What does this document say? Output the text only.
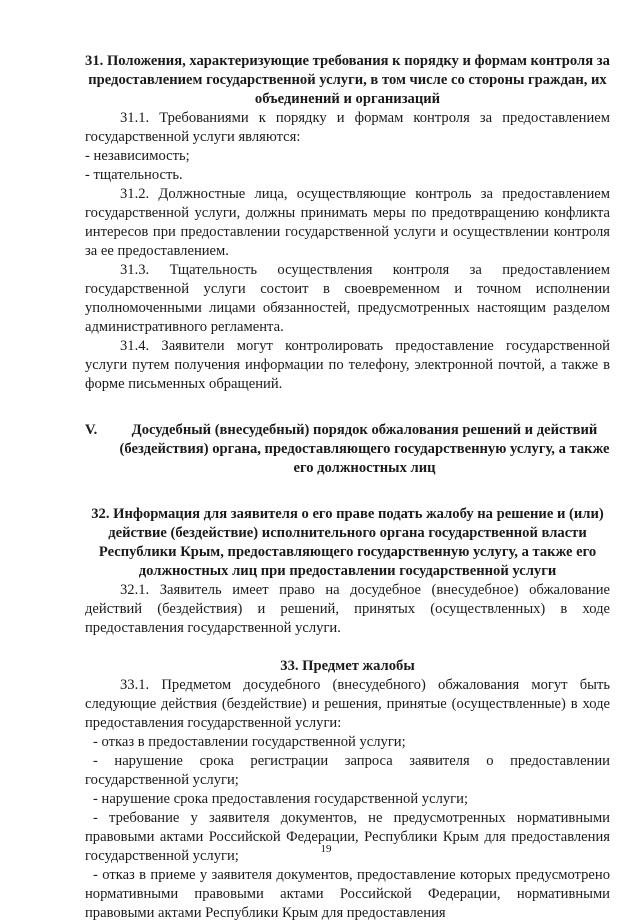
31. Положения, характеризующие требования к порядку и формам контроля за предоставлением государственной услуги, в том числе со стороны граждан, их объединений и организаций

31.1. Требованиями к порядку и формам контроля за предоставлением государственной услуги являются:

- независимость;

- тщательность.

31.2. Должностные лица, осуществляющие контроль за предоставлением государственной услуги, должны принимать меры по предотвращению конфликта интересов при предоставлении государственной услуги и осуществлении контроля за ее предоставлением.

31.3. Тщательность осуществления контроля за предоставлением государственной услуги состоит в своевременном и точном исполнении уполномоченными лицами обязанностей, предусмотренных настоящим разделом административного регламента.

31.4. Заявители могут контролировать предоставление государственной услуги путем получения информации по телефону, электронной почтой, а также в форме письменных обращений.

V.	Досудебный (внесудебный) порядок обжалования решений и действий (бездействия) органа, предоставляющего государственную услугу, а также его должностных лиц

32. Информация для заявителя о его праве подать жалобу на решение и (или) действие (бездействие) исполнительного органа государственной власти Республики Крым, предоставляющего государственную услугу, а также его должностных лиц при предоставлении государственной услуги

32.1. Заявитель имеет право на досудебное (внесудебное) обжалование действий (бездействия) и решений, принятых (осуществленных) в ходе предоставления государственной услуги.

33. Предмет жалобы

33.1. Предметом досудебного (внесудебного) обжалования могут быть следующие действия (бездействие) и решения, принятые (осуществленные) в ходе предоставления государственной услуги:

- отказ в предоставлении государственной услуги;

- нарушение срока регистрации запроса заявителя о предоставлении государственной услуги;

- нарушение срока предоставления государственной услуги;

- требование у заявителя документов, не предусмотренных нормативными правовыми актами Российской Федерации, Республики Крым для предоставления государственной услуги;

- отказ в приеме у заявителя документов, предоставление которых предусмотрено нормативными правовыми актами Российской Федерации, нормативными правовыми актами Республики Крым для предоставления

19
